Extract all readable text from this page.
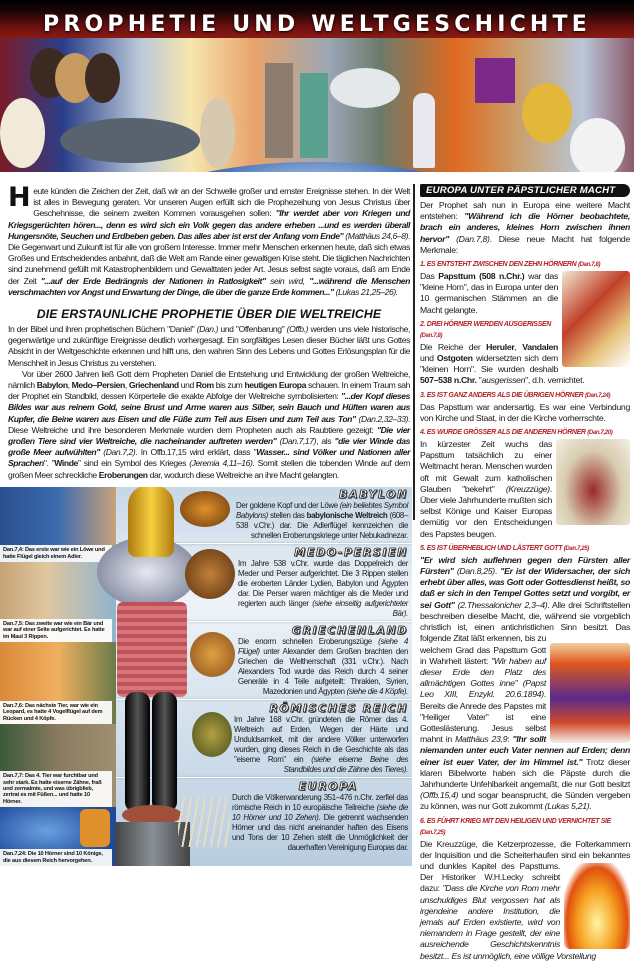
PROPHETIE UND WELTGESCHICHTE
Heute künden die Zeichen der Zeit, daß wir an der Schwelle großer und ernster Ereignisse stehen. In der Welt ist alles in Bewegung geraten. Vor unseren Augen erfüllt sich die Prophezeihung von Jesus Christus über Geschehnisse, die seinem zweiten Kommen vorausgehen sollen: "Ihr werdet aber von Kriegen und Kriegsgerüchten hören..., denn es wird sich ein Volk gegen das andere erheben ...und es werden überall Hungersnöte, Seuchen und Erdbeben geben. Das alles aber ist erst der Anfang vom Ende" (Matthäus 24,6–8). Die Gegenwart und Zukunft ist für alle von großem Interesse. Immer mehr Menschen erkennen heute, daß sich etwas Großes und Entscheidendes anbahnt, daß die Welt am Rande einer gewaltigen Krise steht. Die täglichen Nachrichten sind zunehmend gefüllt mit Katastrophenbildern und Gewalttaten jeder Art. Jesus selbst sagte voraus, daß am Ende der Zeit "...auf der Erde Bedrängnis der Nationen in Ratlosigkeit" sein wird, "...während die Menschen verschmachten vor Angst und Erwartung der Dinge, die über die ganze Erde kommen..." (Lukas 21,25–26).
DIE ERSTAUNLICHE PROPHETIE ÜBER DIE WELTREICHE

In der Bibel und ihren prophetischen Büchern "Daniel" (Dan.) und "Offenbarung" (Offb.) werden uns viele historische, gegenwärtige und zukünftige Ereignisse deutlich vorhergesagt. Ein sorgfältiges Lesen dieser Bücher läßt uns Gottes Absicht in der Weltgeschichte erkennen und hilft uns, den wahren Sinn des Lebens und Gottes Erlösungsplan für die Menschheit in Jesus Christus zu verstehen.

Vor über 2600 Jahren ließ Gott dem Propheten Daniel die Entstehung und Entwicklung der großen Weltreiche, nämlich Babylon, Medo–Persien, Griechenland und Rom bis zum heutigen Europa schauen. In einem Traum sah der Prophet ein Standbild, dessen Körperteile die exakte Abfolge der Weltreiche symbolisierten: "...der Kopf dieses Bildes war aus reinem Gold, seine Brust und Arme waren aus Silber, sein Bauch und Hüften waren aus Kupfer, die Beine waren aus Eisen und die Füße zum Teil aus Eisen und zum Teil aus Ton" (Dan.2,32–33). Diese Weltreiche und ihre besonderen Merkmale wurden dem Propheten auch als Raubtiere gezeigt: "Die vier großen Tiere sind vier Weltreiche, die nacheinander auftreten werden" (Dan.7,17), als "die vier Winde das große Meer aufwühlten" (Dan.7,2). In Offb.17,15 wird erklärt, dass "Wasser... sind Völker und Nationen aller Sprachen". "Winde" sind ein Symbol des Krieges (Jeremia 4,11–16). Somit stellen die tobenden Winde auf dem großen Meer schreckliche Eroberungen dar, wodurch diese Weltreiche an ihre Macht gelangten.

Dan.7,4: Das erste war wie ein Löwe und hatte Flügel gleich einem Adler.
Dan.7,5: Das zweite war wie ein Bär und war auf einer Seite aufgerichtet. Es hatte im Maul 3 Rippen.
Dan.7,6: Das nächste Tier, war wie ein Leopard, es hatte 4 Vogelflügel auf dem Rücken und 4 Köpfe.
Dan.7,7: Das 4. Tier war furchtbar und sehr stark. Es hatte eiserne Zähne, fraß und zermalmte, und was übrigblieb, zertrat es mit Füßen... und hatte 10 Hörner.
Dan.7,24: Die 10 Hörner sind 10 Könige, die aus diesem Reich hervorgehen.
BABYLON
Der goldene Kopf und der Löwe (ein beliebtes Symbol Babylons) stellen das babylonische Weltreich (608–538 v.Chr.) dar. Die Adlerflügel kennzeichen die schnellen Eroberungskriege unter Nebukadnezar.
MEDO-PERSIEN
Im Jahre 538 v.Chr. wurde das Doppelreich der Meder und Perser aufgerichtet. Die 3 Rippen stellen die eroberten Länder Lydien, Babylon und Ägypten dar. Die Perser waren mächtiger als die Meder und regierten auch länger (siehe einseitig aufgerichteter Bär).
GRIECHENLAND
Die enorm schnellen Eroberungszüge (siehe 4 Flügel) unter Alexander dem Großen brachten den Griechen die Weltherrschaft (331 v.Chr.). Nach Alexanders Tod wurde das Reich durch 4 seiner Generäle in 4 Teile aufgeteilt: Thrakien, Syrien, Mazedonien und Ägypten (siehe die 4 Köpfe).
RÖMISCHES REICH
Im Jahre 168 v.Chr. gründeten die Römer das 4. Weltreich auf Erden. Wegen der Härte und Unduldsamkeit, mit der andere Völker unterworfen wurden, ging dieses Reich in die Geschichte als das "eiserne Rom" ein (siehe eiserne Beine des Standbildes und die Zähne des Tieres).
EUROPA
Durch die Völkerwanderung 351–476 n.Chr. zerfiel das römische Reich in 10 europäische Teilreiche (siehe die 10 Hörner und 10 Zehen). Die getrennt wachsenden Hörner und das nicht aneinander haften des Eisens und Tons der 10 Zehen stellt die Unmöglichkeit der dauerhaften Vereinigung Europas dar.
EUROPA UNTER PÄPSTLICHER MACHT
Der Prophet sah nun in Europa eine weitere Macht entstehen: "Während ich die Hörner beobachtete, brach ein anderes, kleines Horn zwischen ihnen hervor" (Dan.7,8). Diese neue Macht hat folgende Merkmale:
1. ES ENTSTEHT ZWISCHEN DEN ZEHN HÖRNERN (Dan.7,8)
Das Papsttum (508 n.Chr.) war das "kleine Horn", das in Europa unter den 10 germanischen Stämmen an die Macht gelangte.
2. DREI HÖRNER WERDEN AUSGERISSEN (Dan.7,8)
Die Reiche der Heruler, Vandalen und Ostgoten widersetzten sich dem "kleinen Horn". Sie wurden deshalb 507–538 n.Chr. "ausgerissen", d.h. vernichtet.
3. ES IST GANZ ANDERS ALS DIE ÜBRIGEN HÖRNER (Dan.7,24)
Das Papsttum war andersartig. Es war eine Verbindung von Kirche und Staat, in der die Kirche vorherrschte.
4. ES WURDE GRÖSSER ALS DIE ANDEREN HÖRNER (Dan.7,20)
In kürzester Zeit wuchs das Papsttum tatsächlich zu einer Weltmacht heran. Menschen wurden oft mit Gewalt zum katholischen Glauben "bekehrt" (Kreuzzüge). Über viele Jahrhunderte mußten sich selbst Könige und Kaiser Europas demütig vor den Entscheidungen des Papstes beugen.
5. ES IST ÜBERHEBLICH UND LÄSTERT GOTT (Dan.7,25)
"Er wird sich auflehnen gegen den Fürsten aller Fürsten" (Dan.8,25). "Er ist der Widersacher, der sich erhebt über alles, was Gott oder Gottesdienst heißt, so daß er sich in den Tempel Gottes setzt und vorgibt, er sei Gott" (2.Thessalonicher 2,3–4). Alle drei Schriftstellen beschreiben dieselbe Macht, die, während sie vorgeblich christlich ist, einen antichristlichen Sinn besitzt. Das folgende Zitat läßt erkennen, bis zu welchem Grad das Papsttum Gott in Wahrheit lästert: "Wir haben auf dieser Erde den Platz des allmächtigen Gottes inne" (Papst Leo XIII, Enzykl. 20.6.1894). Bereits die Anrede des Papstes mit "Heiliger Vater" ist eine Gotteslästerung. Jesus selbst mahnt in Matthäus 23,9: "Ihr sollt niemanden unter euch Vater nennen auf Erden; denn einer ist euer Vater, der im Himmel ist." Trotz dieser klaren Bibelworte haben sich die Päpste durch die Jahrhunderte Unfehlbarkeit angemaßt, die nur Gott besitzt (Offb.15,4) und sogar beansprucht, die Sünden vergeben zu können, was nur Gott zukommt (Lukas 5,21).
6. ES FÜHRT KRIEG MIT DEN HEILIGEN UND VERNICHTET SIE (Dan.7,25)
Die Kreuzzüge, die Ketzerprozesse, die Folterkammern der Inquisition und die Scheiterhaufen sind ein bekanntes und dunkles Kapitel des Papsttums. Der Historiker W.H.Lecky schreibt dazu: "Dass die Kirche von Rom mehr unschuldiges Blut vergossen hat als irgendeine andere Institution, die jemals auf Erden existierte, wird von niemandem in Frage gestellt, der eine ausreichende Geschichtskenntnis besitzt... Es ist unmöglich, eine völlige Vorstellung
